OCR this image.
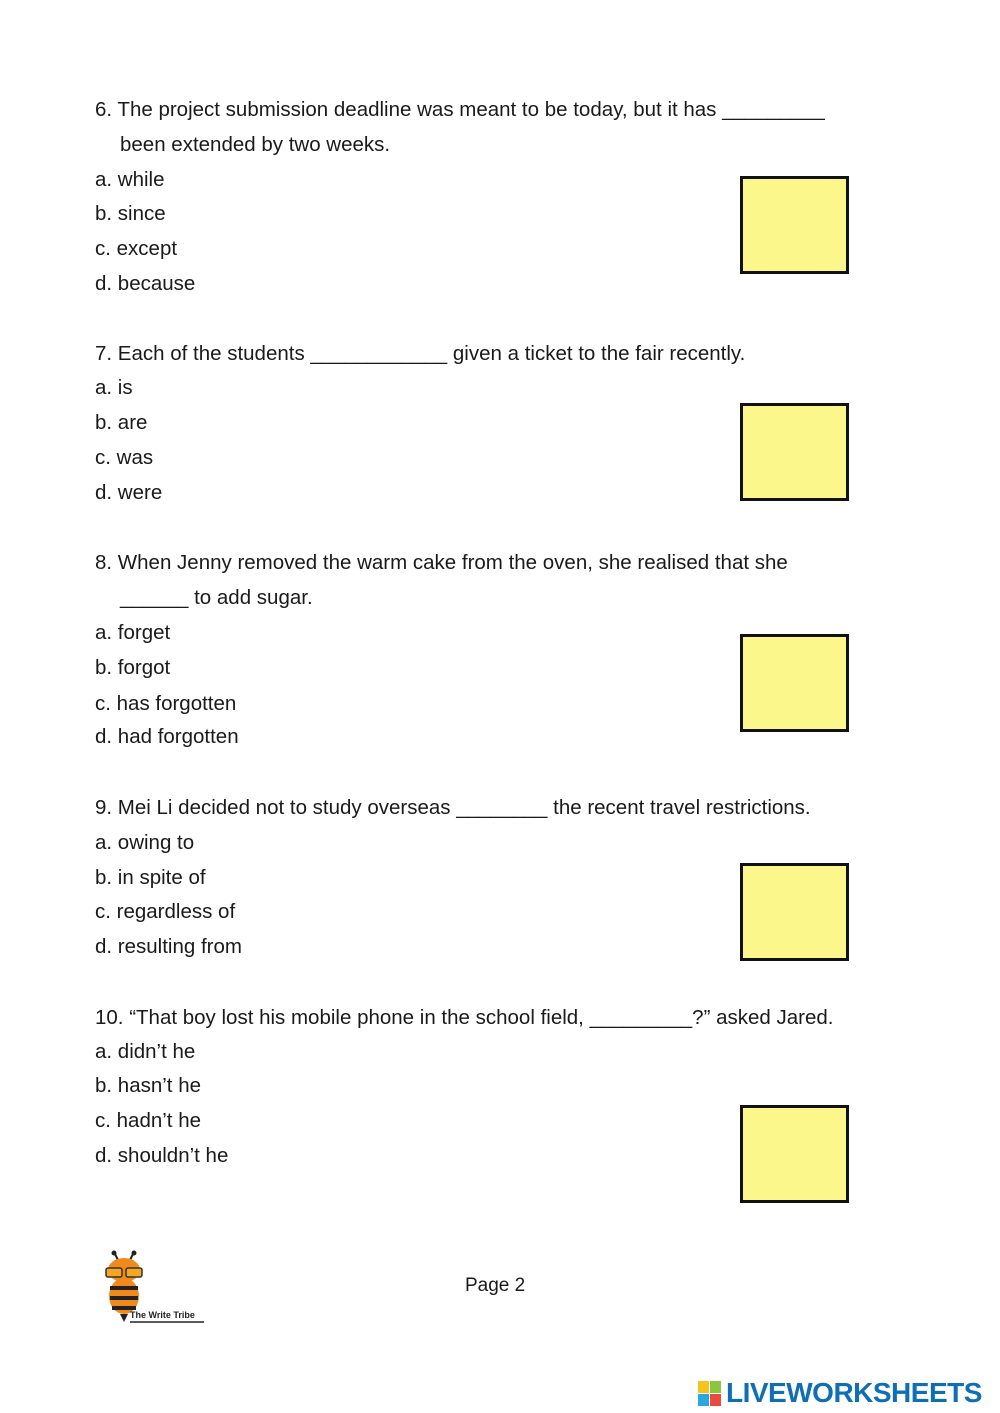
6. The project submission deadline was meant to be today, but it has _________
been extended by two weeks.
a. while
b. since
c. except
d. because
7. Each of the students ____________ given a ticket to the fair recently.
a. is
b. are
c. was
d. were
8. When Jenny removed the warm cake from the oven, she realised that she
______ to add sugar.
a. forget
b. forgot
c. has forgotten
d. had forgotten
9. Mei Li decided not to study overseas ________ the recent travel restrictions.
a. owing to
b. in spite of
c. regardless of
d. resulting from
10. “That boy lost his mobile phone in the school field, _________?” asked Jared.
a. didn’t he
b. hasn’t he
c. hadn’t he
d. shouldn’t he
The Write Tribe
Page 2
LIVEWORKSHEETS
